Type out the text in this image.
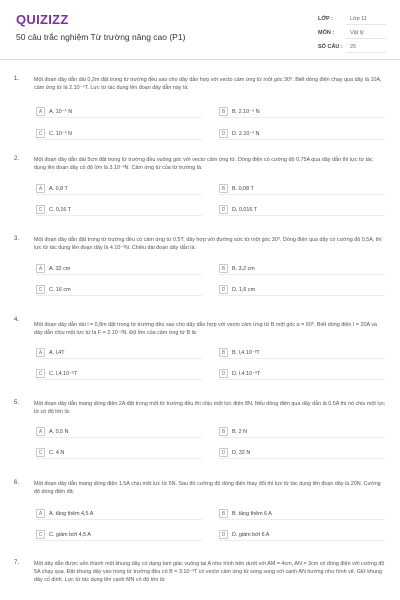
QUIZIZZ
50 câu trắc nghiệm Từ trường nâng cao (P1)
LỚP :	Lớp 11
MÔN :	Vật lý
SỐ CÂU :	25
1.	Một đoạn dây dẫn dài 0,2m đặt trong từ trường đều sao cho dây dẫn hợp với vecto cảm ứng từ một góc 30⁰. Biết dòng điện chạy qua dây là 10A, cảm ứng từ là 2.10⁻⁴T. Lực từ tác dụng lên đoạn dây dẫn này là:
A	A. 10⁻⁴ N	B	B. 2.10⁻⁴ N
C	C. 10⁻³ N	D	D. 2.10⁻³ N
2.	Một đoạn dây dẫn dài 5cm đặt trong từ trường đều vuông góc với vectơ cảm ứng từ. Dòng điện có cường độ 0,75A qua dây dẫn thì lực từ tác dụng lên đoạn dây có độ lớn là 3.10⁻³N. Cảm ứng từ của từ trường là:
A	A. 0,8 T	B	B. 0,08 T
C	C. 0,16 T	D	D. 0,016 T
3.	Một đoạn dây dẫn đặt trong từ trường đều có cảm ứng từ 0,5T, dây hợp với đường sức từ một góc 30⁰. Dòng điện qua dây có cường độ 0,5A, thì lực từ tác dụng lên đoạn dây là 4.10⁻²N. Chiều dài đoạn dây dẫn là:
A	A. 32 cm	B	B. 3,2 cm
C	C. 16 cm	D	D. 1,6 cm
4.
Một đoạn dây dẫn dài l = 0,8m đặt trong từ trường đều sao cho dây dẫn hợp với vecto cảm ứng từ B một góc α = 60⁰. Biết dòng điện I = 20A và dây dẫn chịu một lực từ là F = 2.10⁻²N. Độ lớn của cảm ứng từ B là:
A	A. l,4T	B	B. l,4.10⁻³T
C	C. l,4.10⁻²T	D	D. l.4.10⁻³T
5.	Một đoạn dây dẫn mang dòng điện 2A đặt trong một từ trường đều thì chịu một lực điện 8N. Nếu dòng điện qua dây dẫn là 0,5A thì nó chịu một lực từ có độ lớn là:
A	A. 0,5 N	B	B. 2 N
C	C. 4 N	D	D. 32 N
6.	Một đoạn dây dẫn mang dòng điện 1,5A chịu một lực từ 5N. Sau đó cường độ dòng điện thay đổi thì lực từ tác dụng lên đoạn dây là 20N. Cường độ dòng điện đã:
A	A. tăng thêm 4,5 A	B	B. tăng thêm 6 A
C	C. giảm bớt 4,5 A	D	D. giảm bớt 6 A
7.	Một dây dẫn được uốn thành một khung dây có dạng tam giác vuông tại A như hình bên dưới với AM = 4cm, AN = 3cm có dòng điện với cường độ 5A chạy qua. Đặt khung dây vào trong từ trường đều có B = 3.10⁻³T có vectơ cảm ứng từ song song với cạnh AN hướng như hình vẽ. Giữ khung dây cố định. Lực từ tác dụng lên cạnh MN có độ lớn là:
